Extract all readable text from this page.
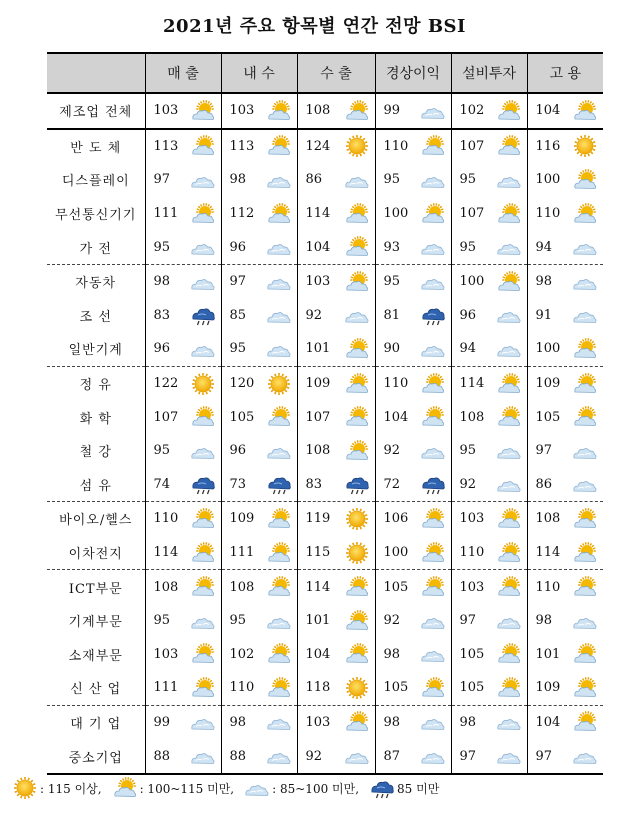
2021년 주요 항목별 연간 전망 BSI
	매 출	내 수	수 출	경상이익	설비투자	고 용
제조업 전체	103	103	108	99	102	104

반 도 체	113	113	124	110	107	116

디스플레이	97	98	86	95	95	100

무선통신기기	111	112	114	100	107	110

가 전	95	96	104	93	95	94

자동차	98	97	103	95	100	98

조 선	83	85	92	81	96	91

일반기계	96	95	101	90	94	100

정 유	122	120	109	110	114	109

화 학	107	105	107	104	108	105

철 강	95	96	108	92	95	97

섬 유	74	73	83	72	92	86

바이오/헬스	110	109	119	106	103	108

이차전지	114	111	115	100	110	114

ICT부문	108	108	114	105	103	110

기계부문	95	95	101	92	97	98

소재부문	103	102	104	98	105	101

신 산 업	111	110	118	105	105	109

대 기 업	99	98	103	98	98	104

중소기업	88	88	92	87	97	97
: 115 이상,	: 100~115 미만,	: 85~100 미만,	85 미만
